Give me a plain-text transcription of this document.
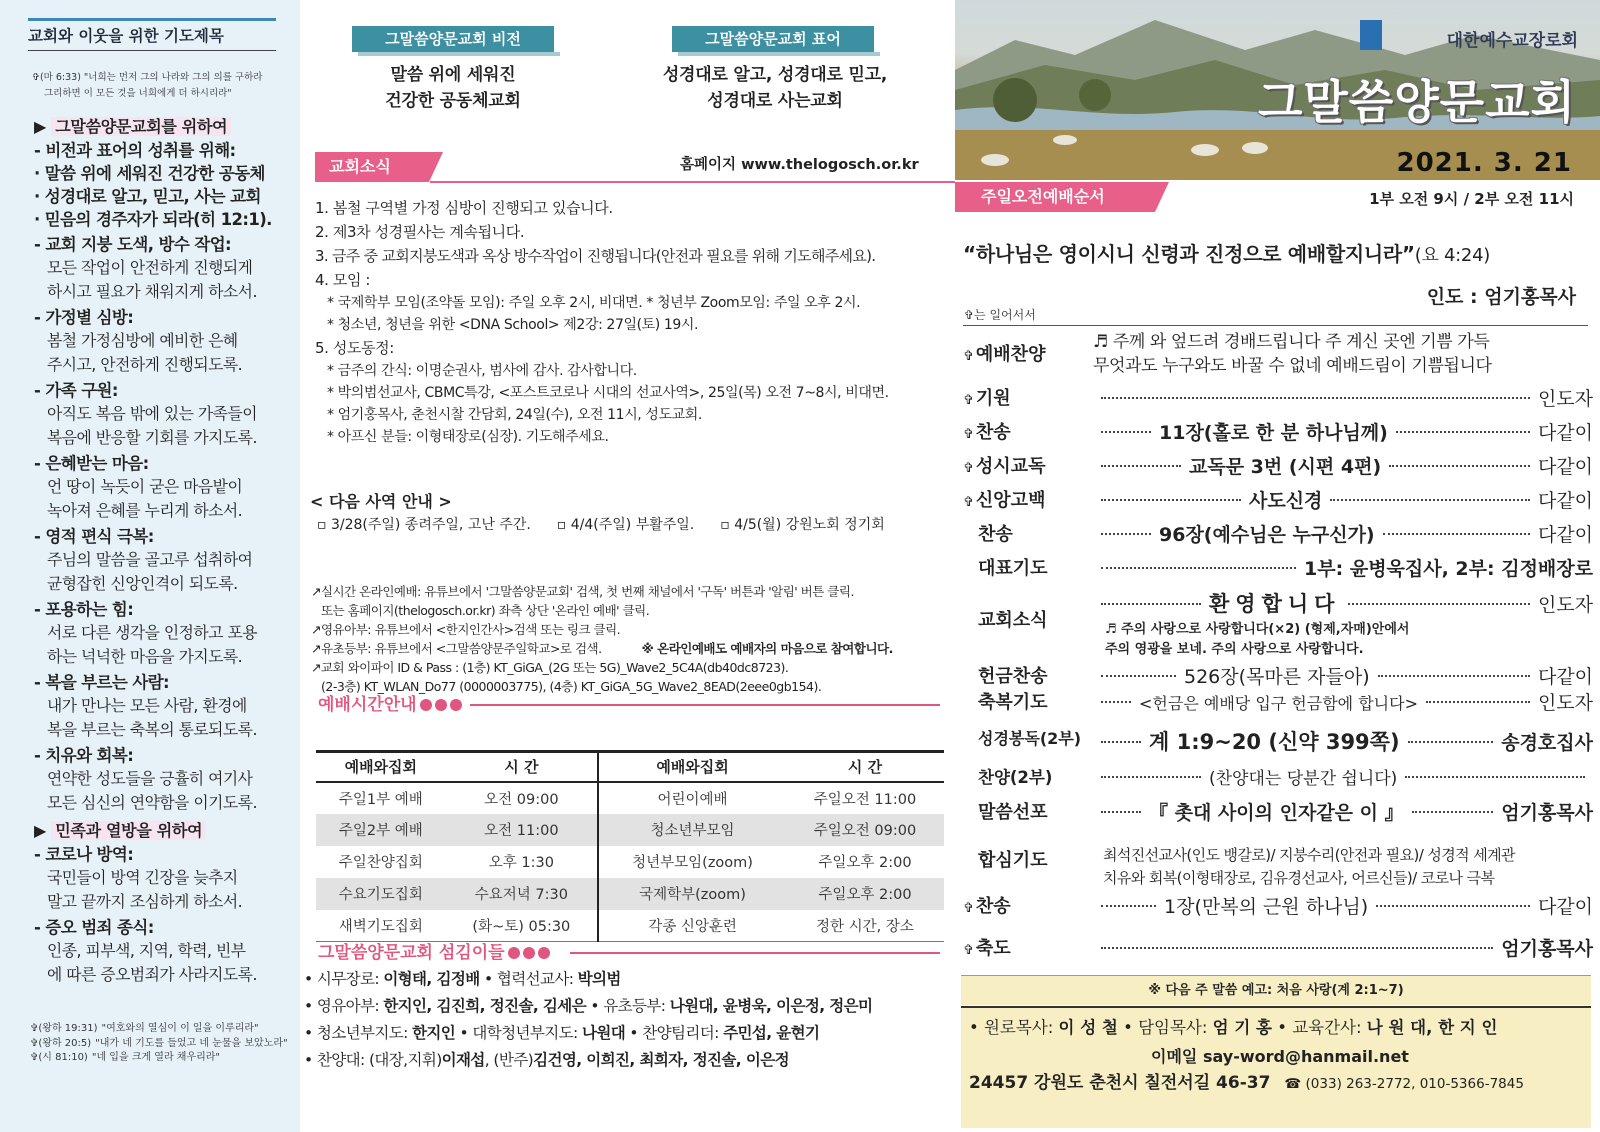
교회와 이웃을 위한 기도제목
✞(마 6:33) "너희는 먼저 그의 나라와 그의 의를 구하라
그리하면 이 모든 것을 너희에게 더 하시리라"
▶ 그말씀양문교회를 위하여
- 비전과 표어의 성취를 위해:
· 말씀 위에 세워진 건강한 공동체
· 성경대로 알고, 믿고, 사는 교회
· 믿음의 경주자가 되라(히 12:1).
- 교회 지붕 도색, 방수 작업:
모든 작업이 안전하게 진행되게
하시고 필요가 채워지게 하소서.
- 가정별 심방:
봄철 가정심방에 예비한 은혜
주시고, 안전하게 진행되도록.
- 가족 구원:
아직도 복음 밖에 있는 가족들이
복음에 반응할 기회를 가지도록.
- 은혜받는 마음:
언 땅이 녹듯이 굳은 마음밭이
녹아져 은혜를 누리게 하소서.
- 영적 편식 극복:
주님의 말씀을 골고루 섭취하여
균형잡힌 신앙인격이 되도록.
- 포용하는 힘:
서로 다른 생각을 인정하고 포용
하는 넉넉한 마음을 가지도록.
- 복을 부르는 사람:
내가 만나는 모든 사람, 환경에
복을 부르는 축복의 통로되도록.
- 치유와 회복:
연약한 성도들을 긍휼히 여기사
모든 심신의 연약함을 이기도록.
▶ 민족과 열방을 위하여
- 코로나 방역:
국민들이 방역 긴장을 늦추지
말고 끝까지 조심하게 하소서.
- 증오 범죄 종식:
인종, 피부색, 지역, 학력, 빈부
에 따른 증오범죄가 사라지도록.
✞(왕하 19:31) "여호와의 열심이 이 일을 이루리라"
✞(왕하 20:5) "내가 네 기도를 들었고 네 눈물을 보았노라"
✞(시 81:10) "네 입을 크게 열라 채우리라"
그말씀양문교회 비전
말씀 위에 세워진
건강한 공동체교회
그말씀양문교회 표어
성경대로 알고, 성경대로 믿고,
성경대로 사는교회
교회소식	홈페이지 www.thelogosch.or.kr
1. 봄철 구역별 가정 심방이 진행되고 있습니다.
2. 제3차 성경필사는 계속됩니다.
3. 금주 중 교회지붕도색과 옥상 방수작업이 진행됩니다(안전과 필요를 위해 기도해주세요).
4. 모임 :
* 국제학부 모임(조약돌 모임): 주일 오후 2시, 비대면. * 청년부 Zoom모임: 주일 오후 2시.
* 청소년, 청년을 위한 <DNA School> 제2강: 27일(토) 19시.
5. 성도동정:
* 금주의 간식: 이명순권사, 범사에 감사. 감사합니다.
* 박의범선교사, CBMC특강, <포스트코로나 시대의 선교사역>, 25일(목) 오전 7~8시, 비대면.
* 엄기홍목사, 춘천시찰 간담회, 24일(수), 오전 11시, 성도교회.
* 아프신 분들: 이형태장로(심장). 기도해주세요.
< 다음 사역 안내 >
▫ 3/28(주일) 종려주일, 고난 주간. ▫ 4/4(주일) 부활주일. ▫ 4/5(월) 강원노회 정기회
↗실시간 온라인예배: 유튜브에서 '그말씀양문교회' 검색, 첫 번째 채널에서 '구독' 버튼과 '알림' 버튼 클릭.
또는 홈페이지(thelogosch.or.kr) 좌측 상단 '온라인 예배' 클릭.
↗영유아부: 유튜브에서 <한지인간사>검색 또는 링크 클릭.
↗유초등부: 유튜브에서 <그말씀양문주일학교>로 검색.	※ 온라인예배도 예배자의 마음으로 참여합니다.
↗교회 와이파이 ID & Pass : (1층) KT_GiGA_(2G 또는 5G)_Wave2_5C4A(db40dc8723).
(2-3층) KT_WLAN_Do77 (0000003775), (4층) KT_GiGA_5G_Wave2_8EAD(2eee0gb154).
예배시간안내
예배와집회	시 간	예배와집회	시 간
주일1부 예배	오전 09:00	어린이예배	주일오전 11:00
주일2부 예배	오전 11:00	청소년부모임	주일오전 09:00
주일찬양집회	오후 1:30	청년부모임(zoom)	주일오후 2:00
수요기도집회	수요저녁 7:30	국제학부(zoom)	주일오후 2:00
새벽기도집회	(화~토) 05:30	각종 신앙훈련	정한 시간, 장소
그말씀양문교회 섬김이들
• 시무장로: 이형태, 김정배 • 협력선교사: 박의범
• 영유아부: 한지인, 김진희, 정진솔, 김세은 • 유초등부: 나원대, 윤병욱, 이은정, 정은미
• 청소년부지도: 한지인 • 대학청년부지도: 나원대 • 찬양팀리더: 주민섭, 윤현기
• 찬양대: (대장,지휘)이재섭, (반주)김건영, 이희진, 최희자, 정진솔, 이은정
대한예수교장로회
그말씀양문교회
2021. 3. 21
주일오전예배순서	1부 오전 9시 / 2부 오전 11시
“하나님은 영이시니 신령과 진정으로 예배할지니라”(요 4:24)
인도 : 엄기홍목사
✞는 일어서서
✞ 예배찬양
♬ 주께 와 엎드려 경배드립니다 주 계신 곳엔 기쁨 가득
무엇과도 누구와도 바꿀 수 없네 예배드림이 기쁨됩니다
✞ 기원	인도자
✞ 찬송	11장(홀로 한 분 하나님께)	다같이
✞ 성시교독	교독문 3번 (시편 4편)	다같이
✞ 신앙고백	사도신경	다같이
찬송	96장(예수님은 누구신가)	다같이
대표기도	1부: 윤병욱집사, 2부: 김정배장로
교회소식
환영합니다	인도자
♬ 주의 사랑으로 사랑합니다(×2) (형제,자매)안에서
주의 영광을 보네. 주의 사랑으로 사랑합니다.
헌금찬송	526장(목마른 자들아)	다같이
축복기도	<헌금은 예배당 입구 헌금함에 합니다>	인도자
성경봉독(2부)	계 1:9~20 (신약 399쪽)	송경호집사
찬양(2부)	(찬양대는 당분간 쉽니다)
말씀선포	『 촛대 사이의 인자같은 이 』	엄기홍목사
합심기도	최석진선교사(인도 뱅갈로)/ 지붕수리(안전과 필요)/ 성경적 세계관
치유와 회복(이형태장로, 김유경선교사, 어르신들)/ 코로나 극복
✞ 찬송	1장(만복의 근원 하나님)	다같이
✞ 축도	엄기홍목사
※ 다음 주 말씀 예고: 처음 사랑(계 2:1~7)
• 원로목사: 이 성 철 • 담임목사: 엄 기 홍 • 교육간사: 나 원 대, 한 지 인
이메일 say-word@hanmail.net
24457 강원도 춘천시 칠전서길 46-37 ☎ (033) 263-2772, 010-5366-7845
